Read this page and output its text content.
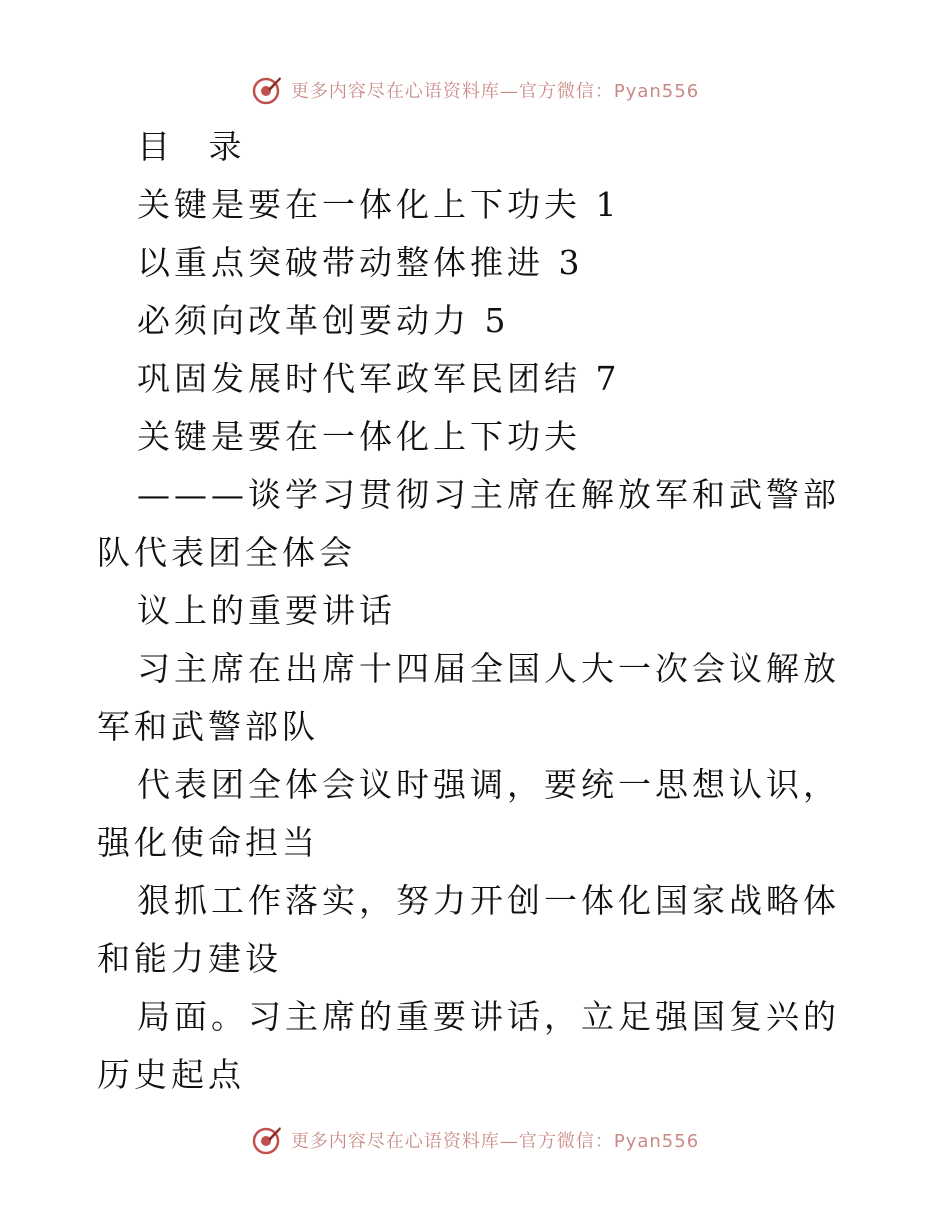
更多内容尽在心语资料库—官方微信：Pyan556

目 录

关键是要在一体化上下功夫 1

以重点突破带动整体推进 3

必须向改革创要动力 5

巩固发展时代军政军民团结 7

关键是要在一体化上下功夫

———谈学习贯彻习主席在解放军和武警部队代表团全体会

议上的重要讲话

习主席在出席十四届全国人大一次会议解放军和武警部队

代表团全体会议时强调，要统一思想认识，强化使命担当

狠抓工作落实，努力开创一体化国家战略体和能力建设

局面。习主席的重要讲话，立足强国复兴的历史起点

更多内容尽在心语资料库—官方微信：Pyan556
